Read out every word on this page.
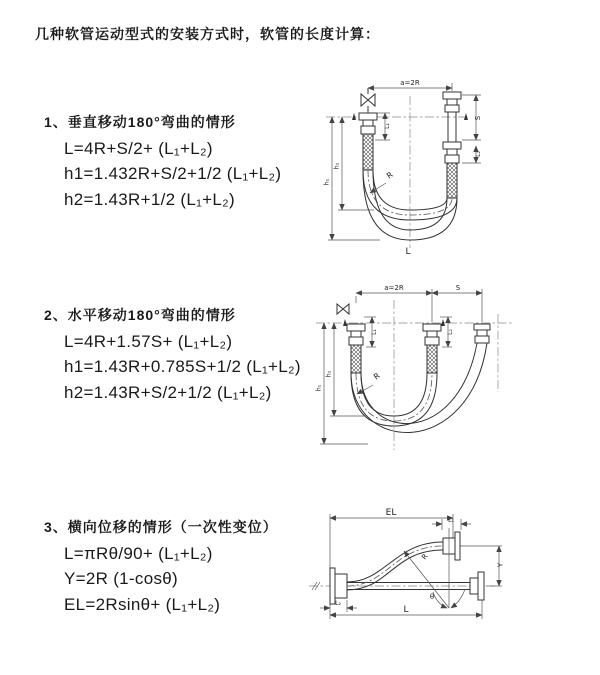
几种软管运动型式的安装方式时，软管的长度计算：
1、垂直移动180°弯曲的情形
L=4R+S/2+ (L₁+L₂)
h1=1.432R+S/2+1/2 (L₁+L₂)
h2=1.43R+1/2 (L₁+L₂)
2、水平移动180°弯曲的情形
L=4R+1.57S+ (L₁+L₂)
h1=1.43R+0.785S+1/2 (L₁+L₂)
h2=1.43R+S/2+1/2 (L₁+L₂)
3、横向位移的情形（一次性变位）
L=πRθ/90+ (L₁+L₂)
Y=2R (1-cosθ)
EL=2Rsinθ+ (L₁+L₂)
a=2R
h₁
h₂
L₁
S
L₂
R
L
a=2R	S
L₁	L₂
h₁
h₂	R
EL
L
Y
L₁
L₂
θ
R
